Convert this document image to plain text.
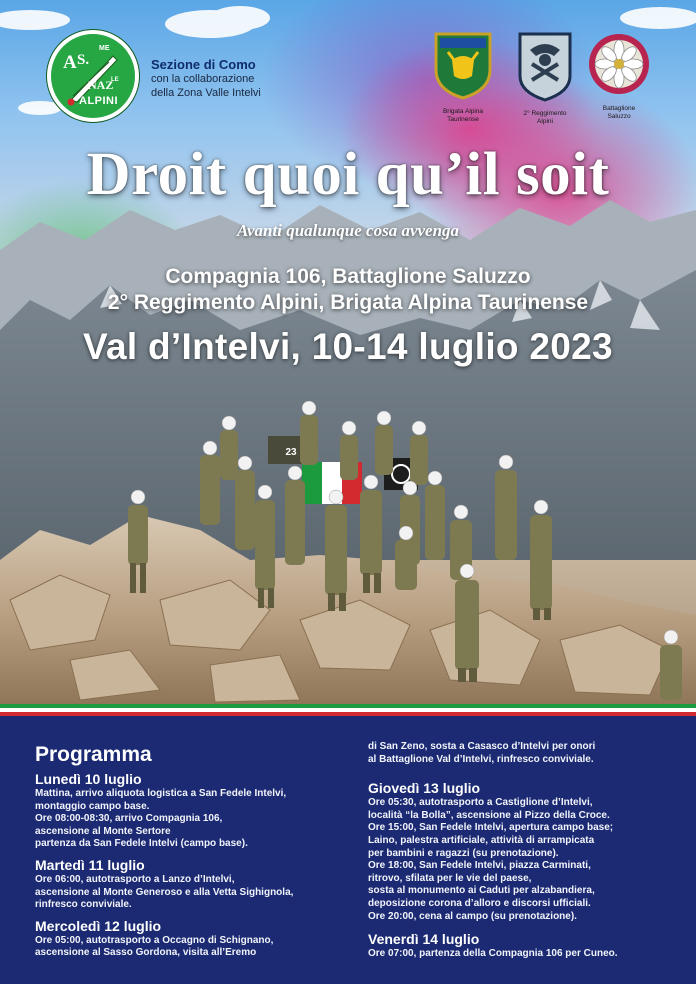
23
A
ME
S.
NAZ
LE
ALPINI
Sezione di Como
con la collaborazione
della Zona Valle Intelvi
Brigata Alpina
Taurinense
2° Reggimento
Alpini
Battaglione
Saluzzo
Droit quoi qu’il soit
Avanti qualunque cosa avvenga
Compagnia 106, Battaglione Saluzzo
2° Reggimento Alpini, Brigata Alpina Taurinense
Val d’Intelvi, 10-14 luglio 2023
Programma
Lunedì 10 luglio
Mattina, arrivo aliquota logistica a San Fedele Intelvi,
montaggio campo base.
Ore 08:00-08:30, arrivo Compagnia 106,
ascensione al Monte Sertore
partenza da San Fedele Intelvi (campo base).
Martedì 11 luglio
Ore 06:00, autotrasporto a Lanzo d’Intelvi,
ascensione al Monte Generoso e alla Vetta Sighignola,
rinfresco conviviale.
Mercoledì 12 luglio
Ore 05:00, autotrasporto a Occagno di Schignano,
ascensione al Sasso Gordona, visita all’Eremo
di San Zeno, sosta a Casasco d’Intelvi per onori
al Battaglione Val d’Intelvi, rinfresco conviviale.
Giovedì 13 luglio
Ore 05:30, autotrasporto a Castiglione d’Intelvi,
località “la Bolla”, ascensione al Pizzo della Croce.
Ore 15:00, San Fedele Intelvi, apertura campo base;
Laino, palestra artificiale, attività di arrampicata
per bambini e ragazzi (su prenotazione).
Ore 18:00, San Fedele Intelvi, piazza Carminati,
ritrovo, sfilata per le vie del paese,
sosta al monumento ai Caduti per alzabandiera,
deposizione corona d’alloro e discorsi ufficiali.
Ore 20:00, cena al campo (su prenotazione).
Venerdì 14 luglio
Ore 07:00, partenza della Compagnia 106 per Cuneo.
